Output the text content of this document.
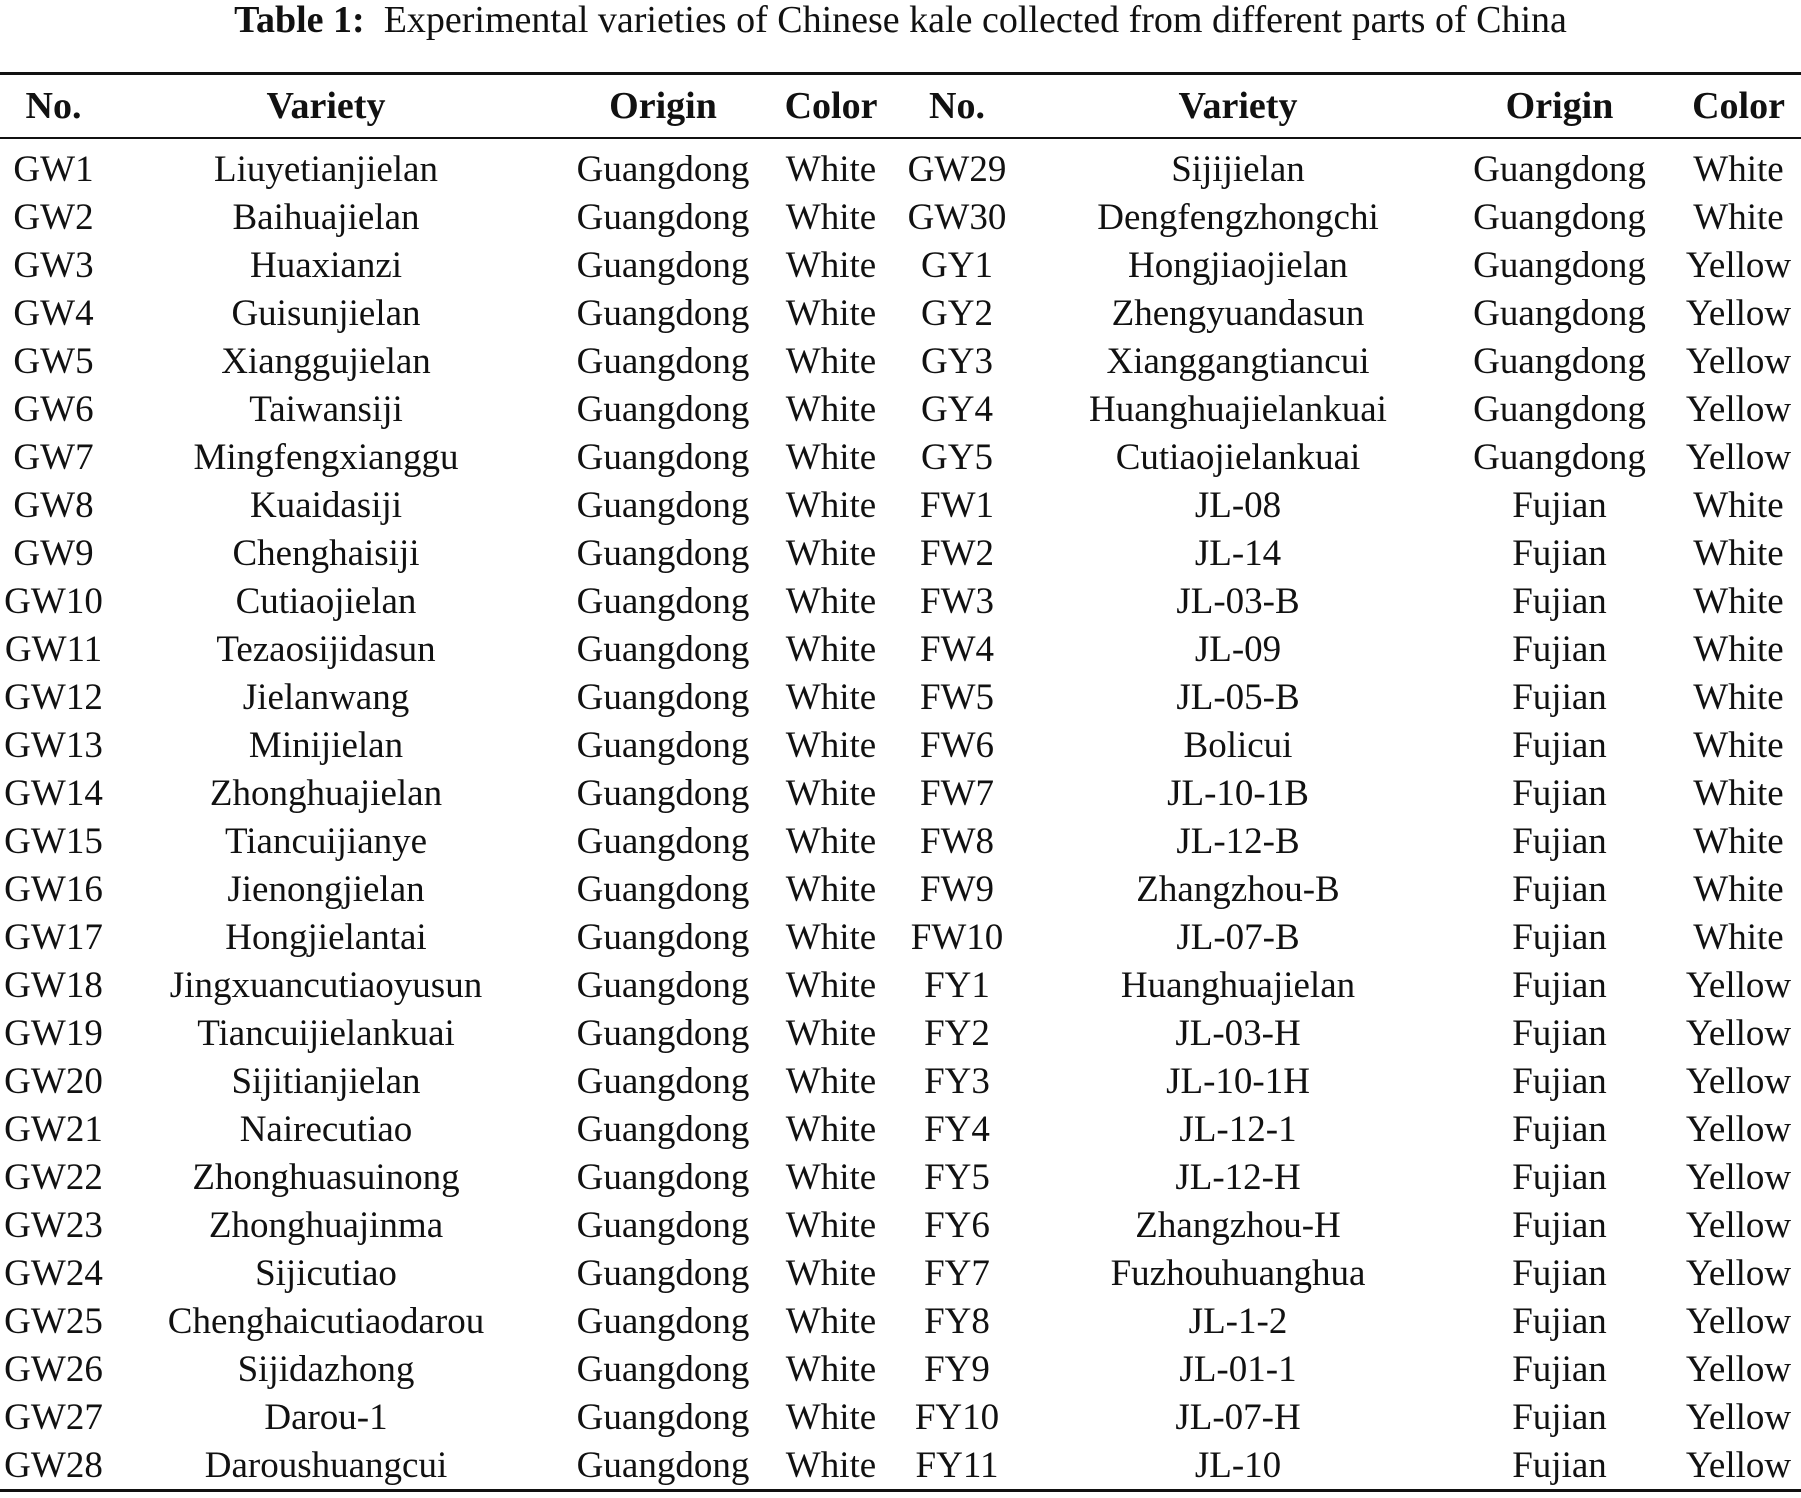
Table 1: Experimental varieties of Chinese kale collected from different parts of China
No.	Variety	Origin	Color	No.	Variety	Origin	Color
GW1	Liuyetianjielan	Guangdong	White	GW29	Sijijielan	Guangdong	White
GW2	Baihuajielan	Guangdong	White	GW30	Dengfengzhongchi	Guangdong	White
GW3	Huaxianzi	Guangdong	White	GY1	Hongjiaojielan	Guangdong	Yellow
GW4	Guisunjielan	Guangdong	White	GY2	Zhengyuandasun	Guangdong	Yellow
GW5	Xianggujielan	Guangdong	White	GY3	Xianggangtiancui	Guangdong	Yellow
GW6	Taiwansiji	Guangdong	White	GY4	Huanghuajielankuai	Guangdong	Yellow
GW7	Mingfengxianggu	Guangdong	White	GY5	Cutiaojielankuai	Guangdong	Yellow
GW8	Kuaidasiji	Guangdong	White	FW1	JL-08	Fujian	White
GW9	Chenghaisiji	Guangdong	White	FW2	JL-14	Fujian	White
GW10	Cutiaojielan	Guangdong	White	FW3	JL-03-B	Fujian	White
GW11	Tezaosijidasun	Guangdong	White	FW4	JL-09	Fujian	White
GW12	Jielanwang	Guangdong	White	FW5	JL-05-B	Fujian	White
GW13	Minijielan	Guangdong	White	FW6	Bolicui	Fujian	White
GW14	Zhonghuajielan	Guangdong	White	FW7	JL-10-1B	Fujian	White
GW15	Tiancuijianye	Guangdong	White	FW8	JL-12-B	Fujian	White
GW16	Jienongjielan	Guangdong	White	FW9	Zhangzhou-B	Fujian	White
GW17	Hongjielantai	Guangdong	White	FW10	JL-07-B	Fujian	White
GW18	Jingxuancutiaoyusun	Guangdong	White	FY1	Huanghuajielan	Fujian	Yellow
GW19	Tiancuijielankuai	Guangdong	White	FY2	JL-03-H	Fujian	Yellow
GW20	Sijitianjielan	Guangdong	White	FY3	JL-10-1H	Fujian	Yellow
GW21	Nairecutiao	Guangdong	White	FY4	JL-12-1	Fujian	Yellow
GW22	Zhonghuasuinong	Guangdong	White	FY5	JL-12-H	Fujian	Yellow
GW23	Zhonghuajinma	Guangdong	White	FY6	Zhangzhou-H	Fujian	Yellow
GW24	Sijicutiao	Guangdong	White	FY7	Fuzhouhuanghua	Fujian	Yellow
GW25	Chenghaicutiaodarou	Guangdong	White	FY8	JL-1-2	Fujian	Yellow
GW26	Sijidazhong	Guangdong	White	FY9	JL-01-1	Fujian	Yellow
GW27	Darou-1	Guangdong	White	FY10	JL-07-H	Fujian	Yellow
GW28	Daroushuangcui	Guangdong	White	FY11	JL-10	Fujian	Yellow
